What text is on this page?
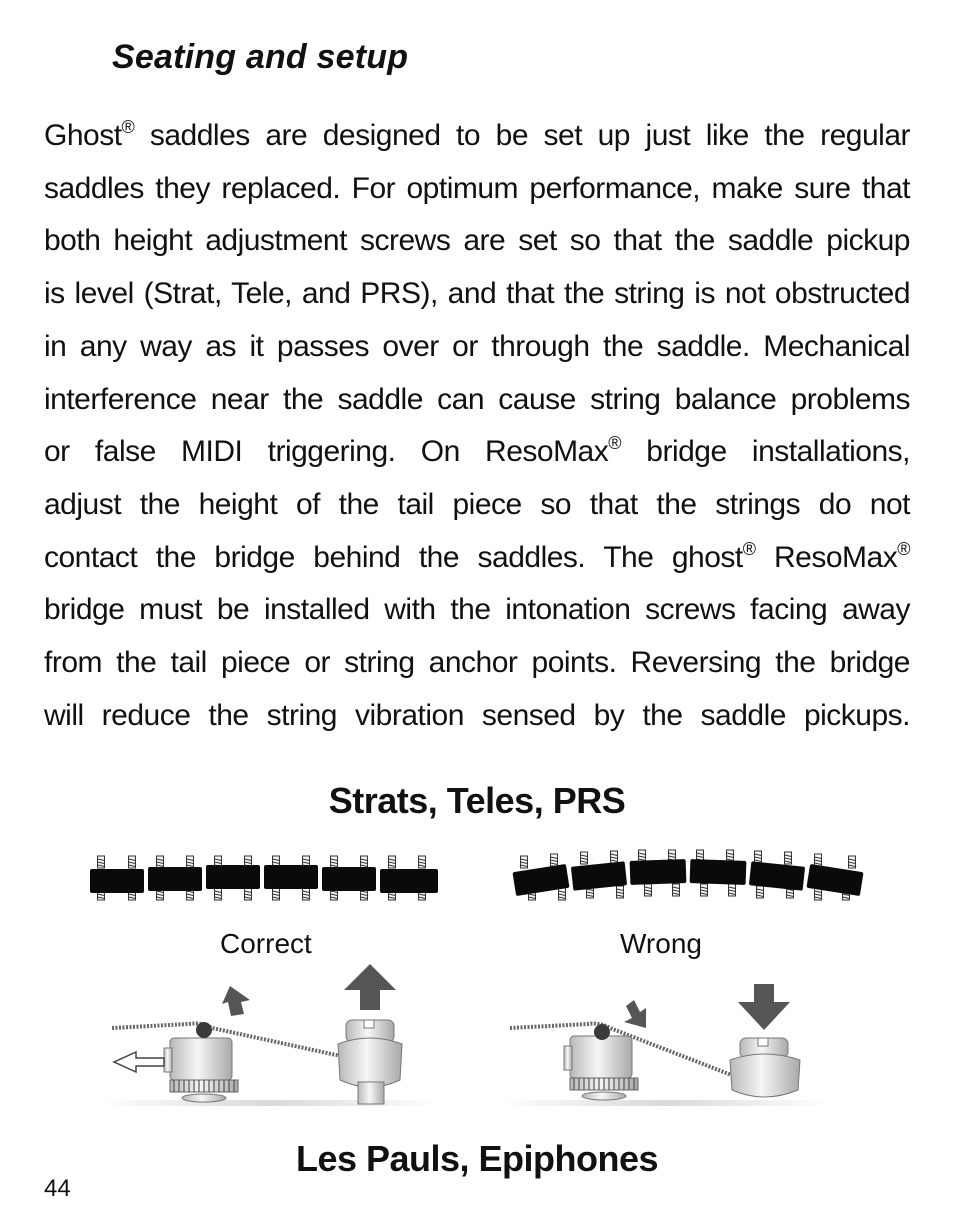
Seating and setup
Ghost® saddles are designed to be set up just like the regular
saddles they replaced. For optimum performance, make sure that
both height adjustment screws are set so that the saddle pickup
is level (Strat, Tele, and PRS), and that the string is not obstructed
in any way as it passes over or through the saddle. Mechanical
interference near the saddle can cause string balance problems
or false MIDI triggering. On ResoMax® bridge installations,
adjust the height of the tail piece so that the strings do not
contact the bridge behind the saddles. The ghost® ResoMax®
bridge must be installed with the intonation screws facing away
from the tail piece or string anchor points. Reversing the bridge
will reduce the string vibration sensed by the saddle pickups.
Strats, Teles, PRS
Correct	Wrong
Les Pauls, Epiphones
44
